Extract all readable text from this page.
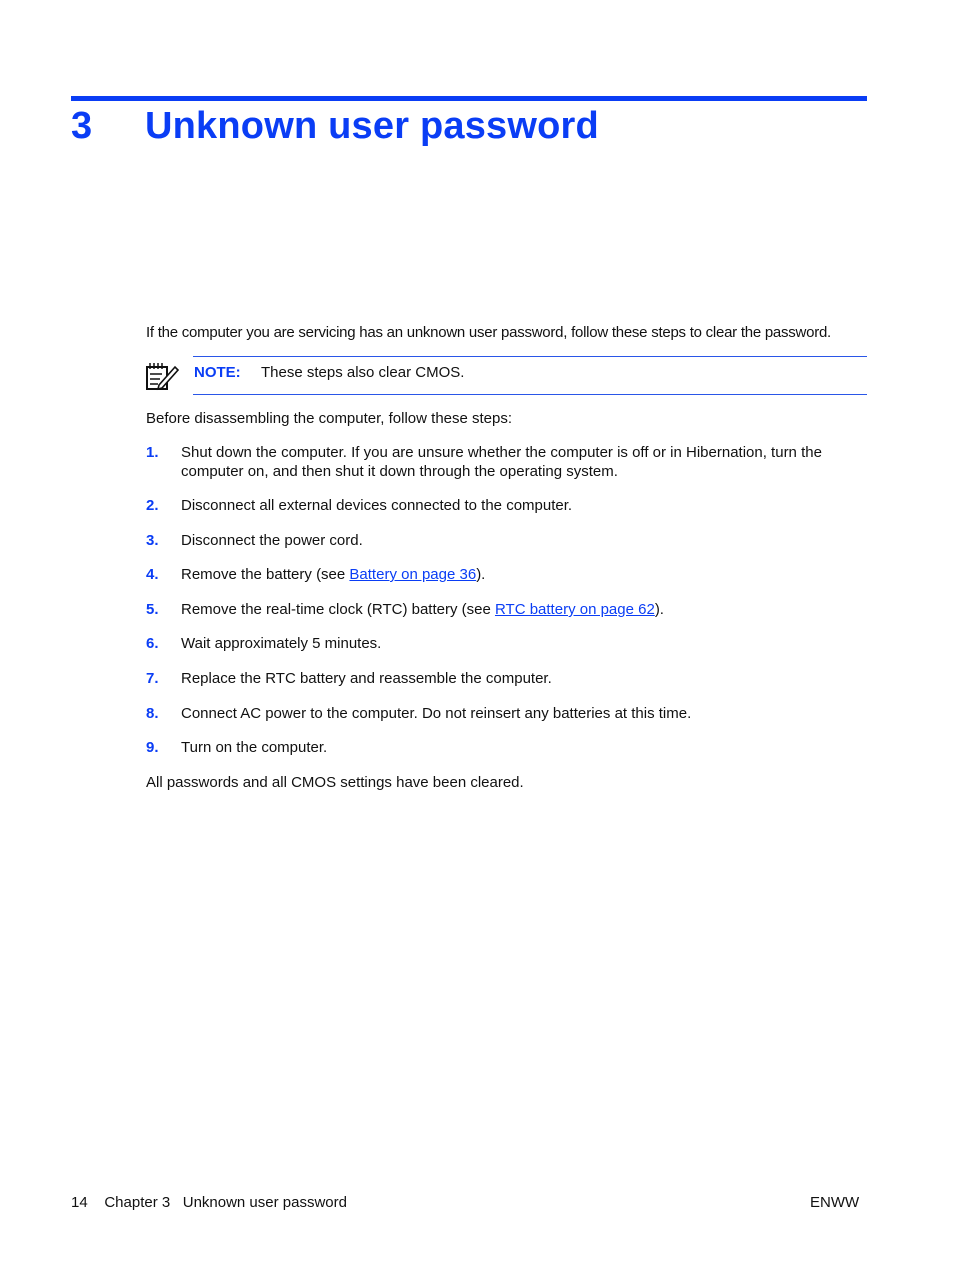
3 Unknown user password
If the computer you are servicing has an unknown user password, follow these steps to clear the password.
NOTE: These steps also clear CMOS.
Before disassembling the computer, follow these steps:
1. Shut down the computer. If you are unsure whether the computer is off or in Hibernation, turn the
computer on, and then shut it down through the operating system.
2. Disconnect all external devices connected to the computer.
3. Disconnect the power cord.
4. Remove the battery (see Battery on page 36).
5. Remove the real-time clock (RTC) battery (see RTC battery on page 62).
6. Wait approximately 5 minutes.
7. Replace the RTC battery and reassemble the computer.
8. Connect AC power to the computer. Do not reinsert any batteries at this time.
9. Turn on the computer.
All passwords and all CMOS settings have been cleared.
14    Chapter 3   Unknown user password	ENWW
